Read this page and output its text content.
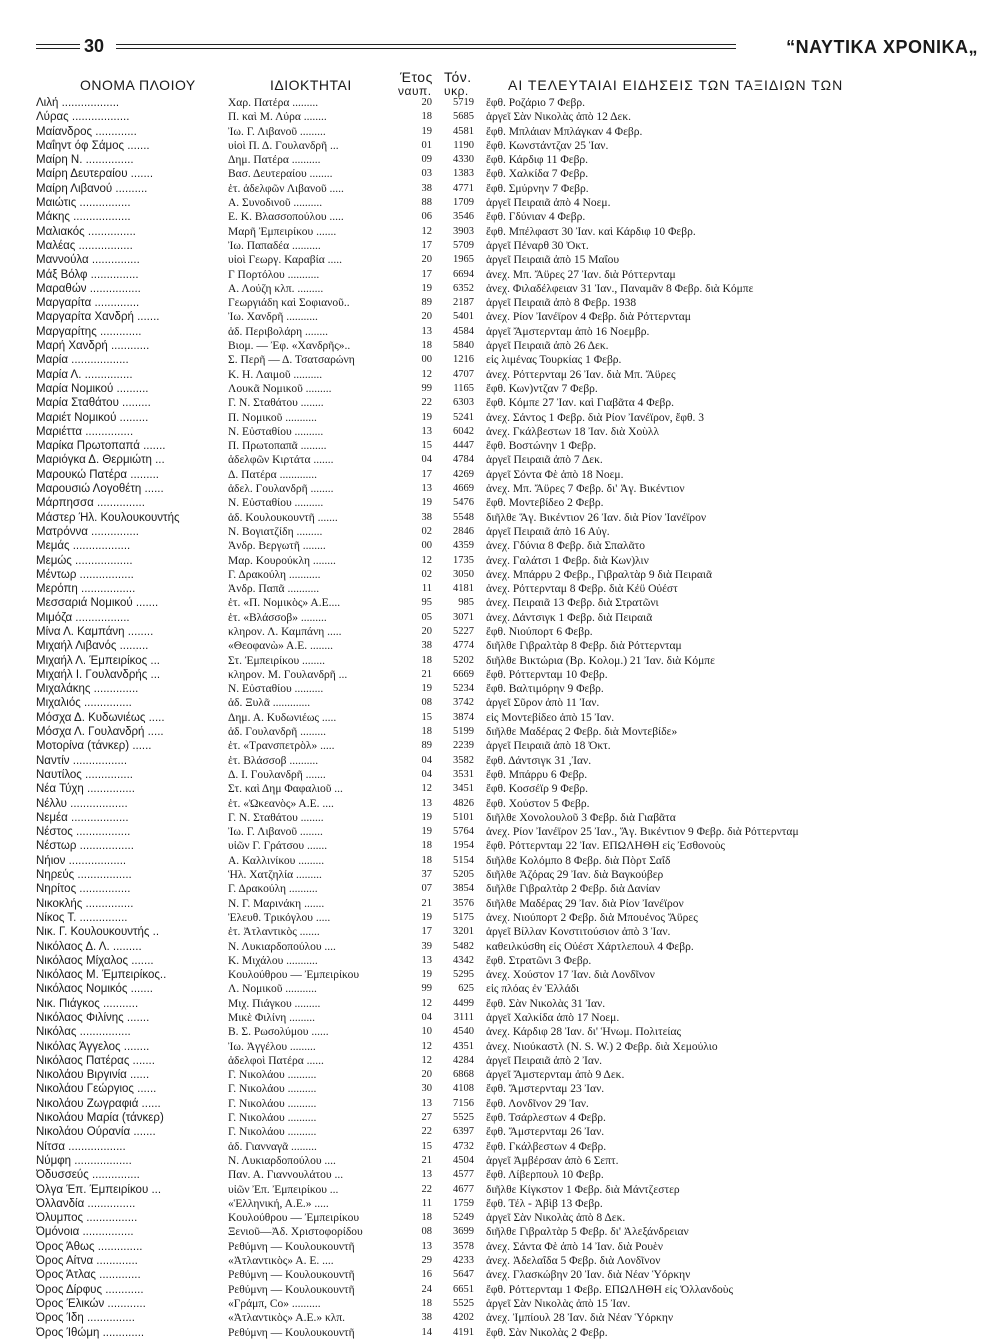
30	“ΝΑΥΤΙΚΑ ΧΡΟΝΙΚΑ„
ΟΝΟΜΑ ΠΛΟΙΟΥ	ΙΔΙΟΚΤΗΤΑΙ	Έτος
ναυπ.
Τόν.
υκρ.	ΑΙ ΤΕΛΕΥΤΑΙΑΙ ΕΙΔΗΣΕΙΣ ΤΩΝ ΤΑΞΙΔΙΩΝ ΤΩΝ
Λιλή ..................	Χαρ. Πατέρα .........	20	5719 ἔφθ. Ροζάριο 7 Φεβρ.
Λύρας ..................	Π. καὶ Μ. Λύρα ........	18	5685 ἀργεῖ Σὰν Νικολὰς ἀπὸ 12 Δεκ.
Μαίανδρος .............	Ἰω. Γ. Λιβανοῦ .........	19	4581 ἔφθ. Μπλάιαν Μπλάγκαν 4 Φεβρ.
Μαΐηντ όφ Σάμος .......	υἱοὶ Π. Δ. Γουλανδρῆ ...	01	1190 ἔφθ. Κωνστάντζαν 25 Ἰαν.
Μαίρη Ν. ...............	Δημ. Πατέρα ..........	09	4330 ἔφθ. Κάρδιφ 11 Φεβρ.
Μαίρη Δευτεραίου .......	Βασ. Δευτεραίου ........	03	1383 ἔφθ. Χαλκίδα 7 Φεβρ.
Μαίρη Λιβανού ..........	ἑτ. ἀδελφῶν Λιβανοῦ .....	38	4771 ἔφθ. Σμύρνην 7 Φεβρ.
Μαιώτις ................	Α. Συνοδινοῦ ..........	88	1709 ἀργεῖ Πειραιᾶ ἀπὸ 4 Νοεμ.
Μάκης ..................	Ε. Κ. Βλασσοπούλου .....	06	3546 ἔφθ. Γδύνιαν 4 Φεβρ.
Μαλιακός ...............	Μαρῆ Ἐμπειρίκου .......	12	3903 ἔφθ. Μπέλφαστ 30 Ἰαν. καὶ Κάρδιφ 10 Φεβρ.
Μαλέας .................	Ἰω. Παπαδέα ..........	17	5709 ἀργεῖ Πέναρθ 30 Ὀκτ.
Μαννούλα ...............	υἱοὶ Γεωργ. Καραβία .....	20	1965 ἀργεῖ Πειραιᾶ ἀπὸ 15 Μαΐου
Μάξ Βόλφ ...............	Γ Πορτόλου ...........	17	6694 ἀνεχ. Μπ. Ἄϋρες 27 Ἰαν. διὰ Ρόττερνταμ
Μαραθών ................	Α. Λούζη κλπ. .........	19	6352 ἀνεχ. Φιλαδέλφειαν 31 Ἰαν., Παναμᾶν 8 Φεβρ. διὰ Κόμπε
Μαργαρίτα ..............	Γεωργιάδη καὶ Σοφιανοῦ..	89	2187 ἀργεῖ Πειραιᾶ ἀπὸ 8 Φεβρ. 1938
Μαργαρίτα Χανδρή .......	Ἰω. Χανδρῆ ...........	20	5401 ἀνεχ. Ρίον Ἰανέϊρον 4 Φεβρ. διὰ Ρόττερνταμ
Μαργαρίτης .............	ἀδ. Περιβολάρη ........	13	4584 ἀργεῖ Ἄμστερνταμ ἀπὸ 16 Νοεμβρ.
Μαρή Χανδρή ............	Βιομ. — Ἐφ. «Χανδρῆς»..	18	5840 ἀργεῖ Πειραιᾶ ἀπὸ 26 Δεκ.
Μαρία ..................	Σ. Περῆ — Δ. Τσατσαρώνη	00	1216 εἰς λιμένας Τουρκίας 1 Φεβρ.
Μαρία Λ. ...............	Κ. Η. Λαιμοῦ ..........	12	4707 ἀνεχ. Ρόττερνταμ 26 Ἰαν. διὰ Μπ. Ἄϋρες
Μαρία Νομικού ..........	Λουκᾶ Νομικοῦ .........	99	1165 ἔφθ. Κων)ντζαν 7 Φεβρ.
Μαρία Σταθάτου .........	Γ. Ν. Σταθάτου ........	22	6303 ἔφθ. Κόμπε 27 Ἰαν. καὶ Γιαβᾶτα 4 Φεβρ.
Μαριέτ Νομικού .........	Π. Νομικοῦ ...........	19	5241 ἀνεχ. Σάντος 1 Φεβρ. διὰ Ρίον Ἰανέϊρον, ἔφθ. 3
Μαριέττα ...............	Ν. Εὐσταθίου ..........	13	6042 ἀνεχ. Γκάλβεστων 18 Ἰαν. διὰ Χοὺλλ
Μαρίκα Πρωτοπαπά .......	Π. Πρωτοπαπᾶ .........	15	4447 ἔφθ. Βοστώνην 1 Φεβρ.
Μαριόγκα Δ. Θερμιώτη ...	ἀδελφῶν Κιρτάτα .......	04	4784 ἀργεῖ Πειραιᾶ ἀπὸ 7 Δεκ.
Μαρουκώ Πατέρα .........	Δ. Πατέρα .............	17	4269 ἀργεῖ Σόντα Φὲ ἀπὸ 18 Νοεμ.
Μαρουσιώ Λογοθέτη ......	ἀδελ. Γουλανδρῆ ........	13	4669 ἀνεχ. Μπ. Ἄϋρες 7 Φεβρ. δι' Ἁγ. Βικέντιον
Μάρπησσα ...............	Ν. Εὐσταθίου ..........	19	5476 ἔφθ. Μοντεβίδεο 2 Φεβρ.
Μάστερ Ήλ. Κουλουκουντής	ἀδ. Κουλουκουντῆ .......	38	5548 διῆλθε Ἅγ. Βικέντιον 26 Ἰαν. διὰ Ρίον Ἰανέϊρον
Ματρόννα ...............	Ν. Βογιατζίδη .........	02	2846 ἀργεῖ Πειραιᾶ ἀπὸ 16 Αὐγ.
Μεμάς ..................	Ἀνδρ. Βεργωτῆ ........	00	4359 ἀνεχ. Γδύνια 8 Φεβρ. διὰ Σπαλᾶτο
Μεμώς ..................	Μαρ. Κουρούκλη ........	12	1735 ἀνεχ. Γαλάτσι 1 Φεβρ. διὰ Κων)λιν
Μέντωρ .................	Γ. Δρακούλη ...........	02	3050 ἀνεχ. Μπάρρυ 2 Φεβρ., Γιβραλτὰρ 9 διὰ Πειραιᾶ
Μερόπη .................	Ἀνδρ. Παπᾶ ...........	11	4181 ἀνεχ. Ρόττερνταμ 8 Φεβρ. διὰ Κέϋ Οὐέστ
Μεσσαριά Νομικού .......	ἑτ. «Π. Νομικὸς» Α.Ε....	95	985 ἀνεχ. Πειραιᾶ 13 Φεβρ. διὰ Στρατῶνι
Μιμόζα .................	ἑτ. «Βλάσσοβ» .........	05	3071 ἀνεχ. Δάντσιγκ 1 Φεβρ. διὰ Πειραιᾶ
Μίνα Λ. Καμπάνη ........	κληρον. Λ. Καμπάνη .....	20	5227 ἔφθ. Νιούπορτ 6 Φεβρ.
Μιχαήλ Λιβανός .........	«Θεοφανὼ» Α.Ε. ........	38	4774 διῆλθε Γιβραλτὰρ 8 Φεβρ. διὰ Ρόττερνταμ
Μιχαήλ Λ. Έμπειρίκος ...	Στ. Ἐμπειρίκου ........	18	5202 διῆλθε Βικτώρια (Βρ. Κολομ.) 21 Ἰαν. διὰ Κόμπε
Μιχαήλ Ι. Γουλανδρής ...	κληρον. Μ. Γουλανδρῆ ...	21	6669 ἔφθ. Ρόττερνταμ 10 Φεβρ.
Μιχαλάκης ..............	Ν. Εὐσταθίου ..........	19	5234 ἔφθ. Βαλτιμόρην 9 Φεβρ.
Μιχαλιός ...............	ἀδ. Ξυλᾶ .............	08	3742 ἀργεῖ Σῦρον ἀπὸ 11 Ἰαν.
Μόσχα Δ. Κυδωνιέως .....	Δημ. Α. Κυδωνιέως .....	15	3874 εἰς Μοντεβίδεο ἀπὸ 15 Ἰαν.
Μόσχα Λ. Γουλανδρή .....	ἀδ. Γουλανδρῆ .........	18	5199 διῆλθε Μαδέρας 2 Φεβρ. διὰ Μοντεβίδε»
Μοτορίνα (τάνκερ) ......	ἑτ. «Τρανσπετρὸλ» .....	89	2239 ἀργεῖ Πειραιᾶ ἀπὸ 18 Ὀκτ.
Ναντίν .................	ἑτ. Βλάσσοβ ..........	04	3582 ἔφθ. Δάντσιγκ 31 ,Ἰαν.
Ναυτίλος ...............	Δ. Ι. Γουλανδρῆ .......	04	3531 ἔφθ. Μπάρρυ 6 Φεβρ.
Νέα Τύχη ...............	Στ. καὶ Δημ Φαφαλιοῦ ...	12	3451 ἔφθ. Κοσσέϊρ 9 Φεβρ.
Νέλλυ ..................	ἑτ. «Ὠκεανὸς» Α.Ε. ....	13	4826 ἔφθ. Χούστον 5 Φεβρ.
Νεμέα ..................	Γ. Ν. Σταθάτου ........	19	5101 διῆλθε Χονολουλοῦ 3 Φεβρ. διὰ Γιαβᾶτα
Νέστος .................	Ἰω. Γ. Λιβανοῦ ........	19	5764 ἀνεχ. Ρίον Ἰανέϊρον 25 Ἰαν., Ἅγ. Βικέντιον 9 Φεβρ. διὰ Ρόττερνταμ
Νέστωρ .................	υἱῶν Γ. Γράτσου .......	18	1954 ἔφθ. Ρόττερνταμ 22 Ἰαν. ΕΠΩΛΗΘΗ εἰς Ἐσθονοὺς
Νήιον ..................	Α. Καλλινίκου .........	18	5154 διῆλθε Κολόμπο 8 Φεβρ. διὰ Πὸρτ Σαΐδ
Νηρεύς .................	Ἡλ. Χατζηλία .........	37	5205 διῆλθε Ἀζόρας 29 Ἰαν. διὰ Βαγκούβερ
Νηρίτος ................	Γ. Δρακούλη ..........	07	3854 διῆλθε Γιβραλτὰρ 2 Φεβρ. διὰ Δανίαν
Νικοκλής ...............	Ν. Γ. Μαρινάκη .......	21	3576 διῆλθε Μαδέρας 29 Ἰαν. διὰ Ρίον Ἰανέϊρον
Νίκος Τ. ...............	Ἐλευθ. Τρικόγλου .....	19	5175 ἀνεχ. Νιούπορτ 2 Φεβρ. διὰ Μπουένος Ἄϋρες
Νικ. Γ. Κουλουκουντής ..	ἑτ. Ἀτλαντικὸς .......	17	3201 ἀργεῖ Βίλλαν Κονστιτούσιον ἀπὸ 3 Ἰαν.
Νικόλαος Δ. Λ. .........	Ν. Λυκιαρδοπούλου ....	39	5482 καθειλκύσθη εἰς Οὐέστ Χάρτλεπουλ 4 Φεβρ.
Νικόλαος Μίχαλος .......	Κ. Μιχάλου ...........	13	4342 ἔφθ. Στρατῶνι 3 Φεβρ.
Νικόλαος Μ. Έμπειρίκος..	Κουλούθρου — Ἐμπειρίκου	19	5295 ἀνεχ. Χούστον 17 Ἰαν. διὰ Λονδῖνον
Νικόλαος Νομικός .......	Λ. Νομικοῦ ...........	99	625 εἰς πλόας ἐν Ἑλλάδι
Νικ. Πιάγκος ...........	Μιχ. Πιάγκου .........	12	4499 ἔφθ. Σὰν Νικολὰς 31 Ἰαν.
Νικόλαος Φιλίνης .......	Μικὲ Φιλίνη .........	04	3111 ἀργεῖ Χαλκίδα ἀπὸ 17 Νοεμ.
Νικόλας ................	Β. Σ. Ρωσολύμου ......	10	4540 ἀνεχ. Κάρδιφ 28 Ἰαν. δι' Ἡνωμ. Πολιτείας
Νικόλας Άγγελος ........	Ἰω. Ἀγγέλου .........	12	4351 ἀνεχ. Νιούκαστλ (Ν. S. W.) 2 Φεβρ. διὰ Χεμούλιο
Νικόλαος Πατέρας .......	ἀδελφοὶ Πατέρα ......	12	4284 ἀργεῖ Πειραιᾶ ἀπὸ 2 Ἰαν.
Νικολάου Βιργινία ......	Γ. Νικολάου ..........	20	6868 ἀργεῖ Ἄμστερνταμ ἀπὸ 9 Δεκ.
Νικολάου Γεώργιος ......	Γ. Νικολάου ..........	30	4108 ἔφθ. Ἄμστερνταμ 23 Ἰαν.
Νικολάου Ζωγραφιά ......	Γ. Νικολάου ..........	13	7156 ἔφθ. Λονδῖνον 29 Ἰαν.
Νικολάου Μαρία (τάνκερ)	Γ. Νικολάου ..........	27	5525 ἔφθ. Τσάρλεστων 4 Φεβρ.
Νικολάου Ούρανία .......	Γ. Νικολάου ..........	22	6397 ἔφθ. Ἄμστερνταμ 26 Ἰαν.
Νίτσα ..................	ἀδ. Γιανναγᾶ .........	15	4732 ἔφθ. Γκάλβεστων 4 Φεβρ.
Νύμφη ..................	Ν. Λυκιαρδοπούλου ....	21	4504 ἀργεῖ Ἀμβέρσαν ἀπὸ 6 Σεπτ.
Όδυσσεύς ...............	Παν. Α. Γιαννουλάτου ...	13	4577 ἔφθ. Λίβερπουλ 10 Φεβρ.
Όλγα Έπ. Έμπειρίκου ...	υἱῶν Ἐπ. Ἐμπειρίκου ...	22	4677 διῆλθε Κίγκστον 1 Φεβρ. διὰ Μάντζεστερ
Όλλανδία ...............	«Ἑλληνική, Α.Ε.» .....	11	1759 ἔφθ. Τέλ - Ἀβὶβ 13 Φεβρ.
Όλυμπος ................	Κουλούθρου — Ἐμπειρίκου	18	5249 ἀργεῖ Σὰν Νικολὰς ἀπὸ 8 Δεκ.
Όμόνοια ................	Ξενιοῦ—Ἀδ. Χριστοφορίδου	08	3699 διῆλθε Γιβραλτὰρ 5 Φεβρ. δι' Ἀλεξάνδρειαν
Όρος Άθως ..............	Ρεθύμνη — Κουλουκουντῆ	13	3578 ἀνεχ. Σάντα Φὲ ἀπὸ 14 Ἰαν. διὰ Ρουὲν
Όρος Αίτνα .............	«Ἀτλαντικὸς» Α. Ε. ....	29	4233 ἀνεχ. Ἀδελαΐδα 5 Φεβρ. διὰ Λονδῖνον
Όρος Άτλας .............	Ρεθύμνη — Κουλουκουντῆ	16	5647 ἀνεχ. Γλασκώβην 20 Ἰαν. διὰ Νέαν Ὑόρκην
Όρος Δίρφυς ............	Ρεθύμνη — Κουλουκουντῆ	24	6651 ἔφθ. Ρόττερνταμ 1 Φεβρ. ΕΠΩΛΗΘΗ εἰς Ὁλλανδοὺς
Όρος Έλικών ............	«Γράμπ, Co» ..........	18	5525 ἀργεῖ Σὰν Νικολὰς ἀπὸ 15 Ἰαν.
Όρος Ίδη ...............	«Ἀτλαντικὸς» Α.Ε.» κλπ.	38	4202 ἀνεχ. Ἰμπίουλ 28 Ἰαν. διὰ Νέαν Ὑόρκην
Όρος Ίθώμη .............	Ρεθύμνη — Κουλουκουντῆ	14	4191 ἔφθ. Σὰν Νικολὰς 2 Φεβρ.
